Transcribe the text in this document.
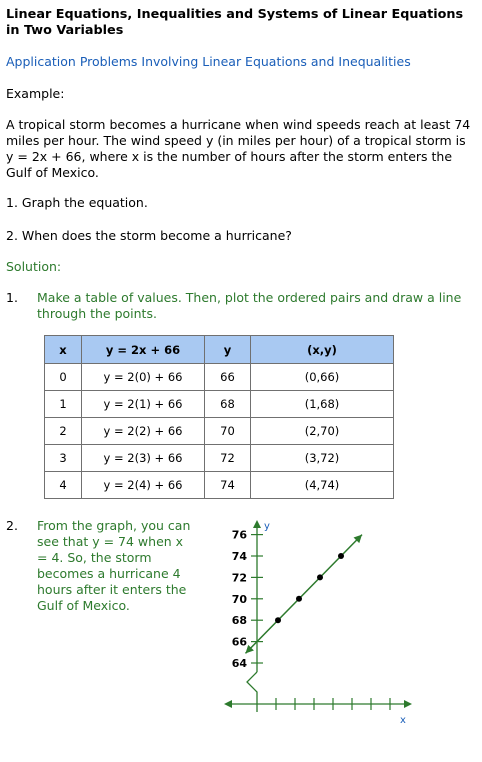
Linear Equations, Inequalities and Systems of Linear Equations in Two Variables
Application Problems Involving Linear Equations and Inequalities
Example:
A tropical storm becomes a hurricane when wind speeds reach at least 74 miles per hour. The wind speed y (in miles per hour) of a tropical storm is y = 2x + 66, where x is the number of hours after the storm enters the Gulf of Mexico.
1. Graph the equation.
2. When does the storm become a hurricane?
Solution:
1. Make a table of values. Then, plot the ordered pairs and draw a line through the points.
x	y = 2x + 66	y	(x,y)
0	y = 2(0) + 66	66	(0,66)
1	y = 2(1) + 66	68	(1,68)
2	y = 2(2) + 66	70	(2,70)
3	y = 2(3) + 66	72	(3,72)
4	y = 2(4) + 66	74	(4,74)
2. From the graph, you can see that y = 74 when x = 4. So, the storm becomes a hurricane 4 hours after it enters the Gulf of Mexico.
64
66
68
70
72
74
76
y
x
